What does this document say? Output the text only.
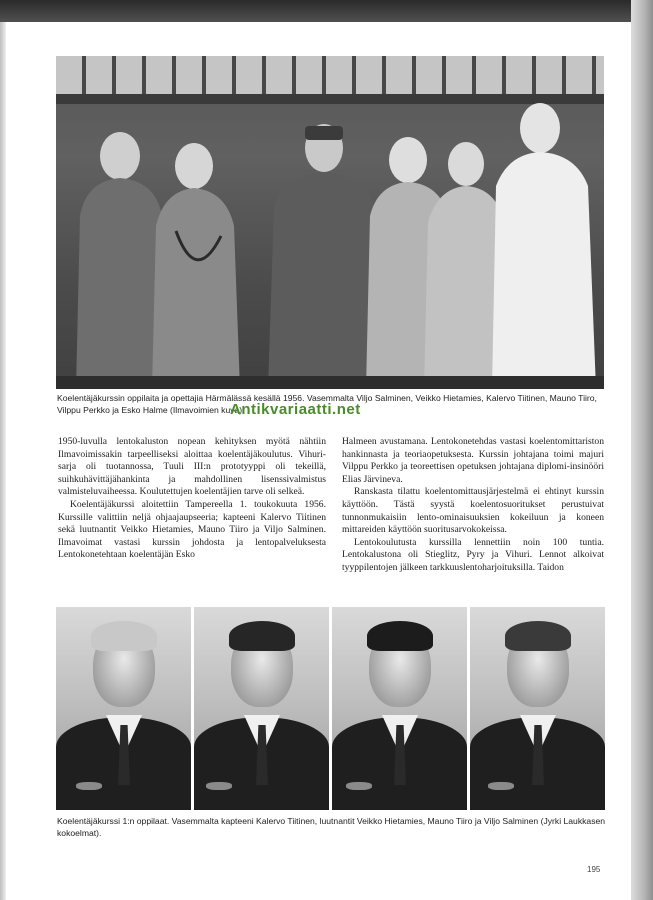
Koelentäjäkurssin oppilaita ja opettajia Härmälässä kesällä 1956. Vasemmalta Viljo Salminen, Veikko Hietamies, Kalervo Tiitinen, Mauno Tiiro, Vilppu Perkko ja Esko Halme (Ilmavoimien kuva).
Antikvariaatti.net

1950-luvulla lentokaluston nopean kehityksen myötä nähtiin Ilmavoimissakin tarpeelliseksi aloittaa koelentäjäkoulutus. Vihuri-sarja oli tuotannossa, Tuuli III:n prototyyppi oli tekeillä, suihkuhävittäjähankinta ja mahdollinen lisenssivalmistus valmisteluvaiheessa. Koulutettujen koelentäjien tarve oli selkeä.

Koelentäjäkurssi aloitettiin Tampereella 1. toukokuuta 1956. Kurssille valittiin neljä ohjaajaupseeria; kapteeni Kalervo Tiitinen sekä luutnantit Veikko Hietamies, Mauno Tiiro ja Viljo Salminen. Ilmavoimat vastasi kurssin johdosta ja lentopalveluksesta Lentokonetehtaan koelentäjän Esko

Halmeen avustamana. Lentokonetehdas vastasi koelentomittariston hankinnasta ja teoriaopetuksesta. Kurssin johtajana toimi majuri Vilppu Perkko ja teoreettisen opetuksen johtajana diplomi-insinööri Elias Järvineva.

Ranskasta tilattu koelentomittausjärjestelmä ei ehtinyt kurssin käyttöön. Tästä syystä koelentosuoritukset perustuivat tunnonmukaisiin lento-ominaisuuksien kokeiluun ja koneen mittareiden käyttöön suoritusarvokokeissa.

Lentokoulutusta kurssilla lennettiin noin 100 tuntia. Lentokalustona oli Stieglitz, Pyry ja Vihuri. Lennot alkoivat tyyppilentojen jälkeen tarkkuuslentoharjoituksilla. Taidon

Koelentäjäkurssi 1:n oppilaat. Vasemmalta kapteeni Kalervo Tiitinen, luutnantit Veikko Hietamies, Mauno Tiiro ja Viljo Salminen (Jyrki Laukkasen kokoelmat).
195
